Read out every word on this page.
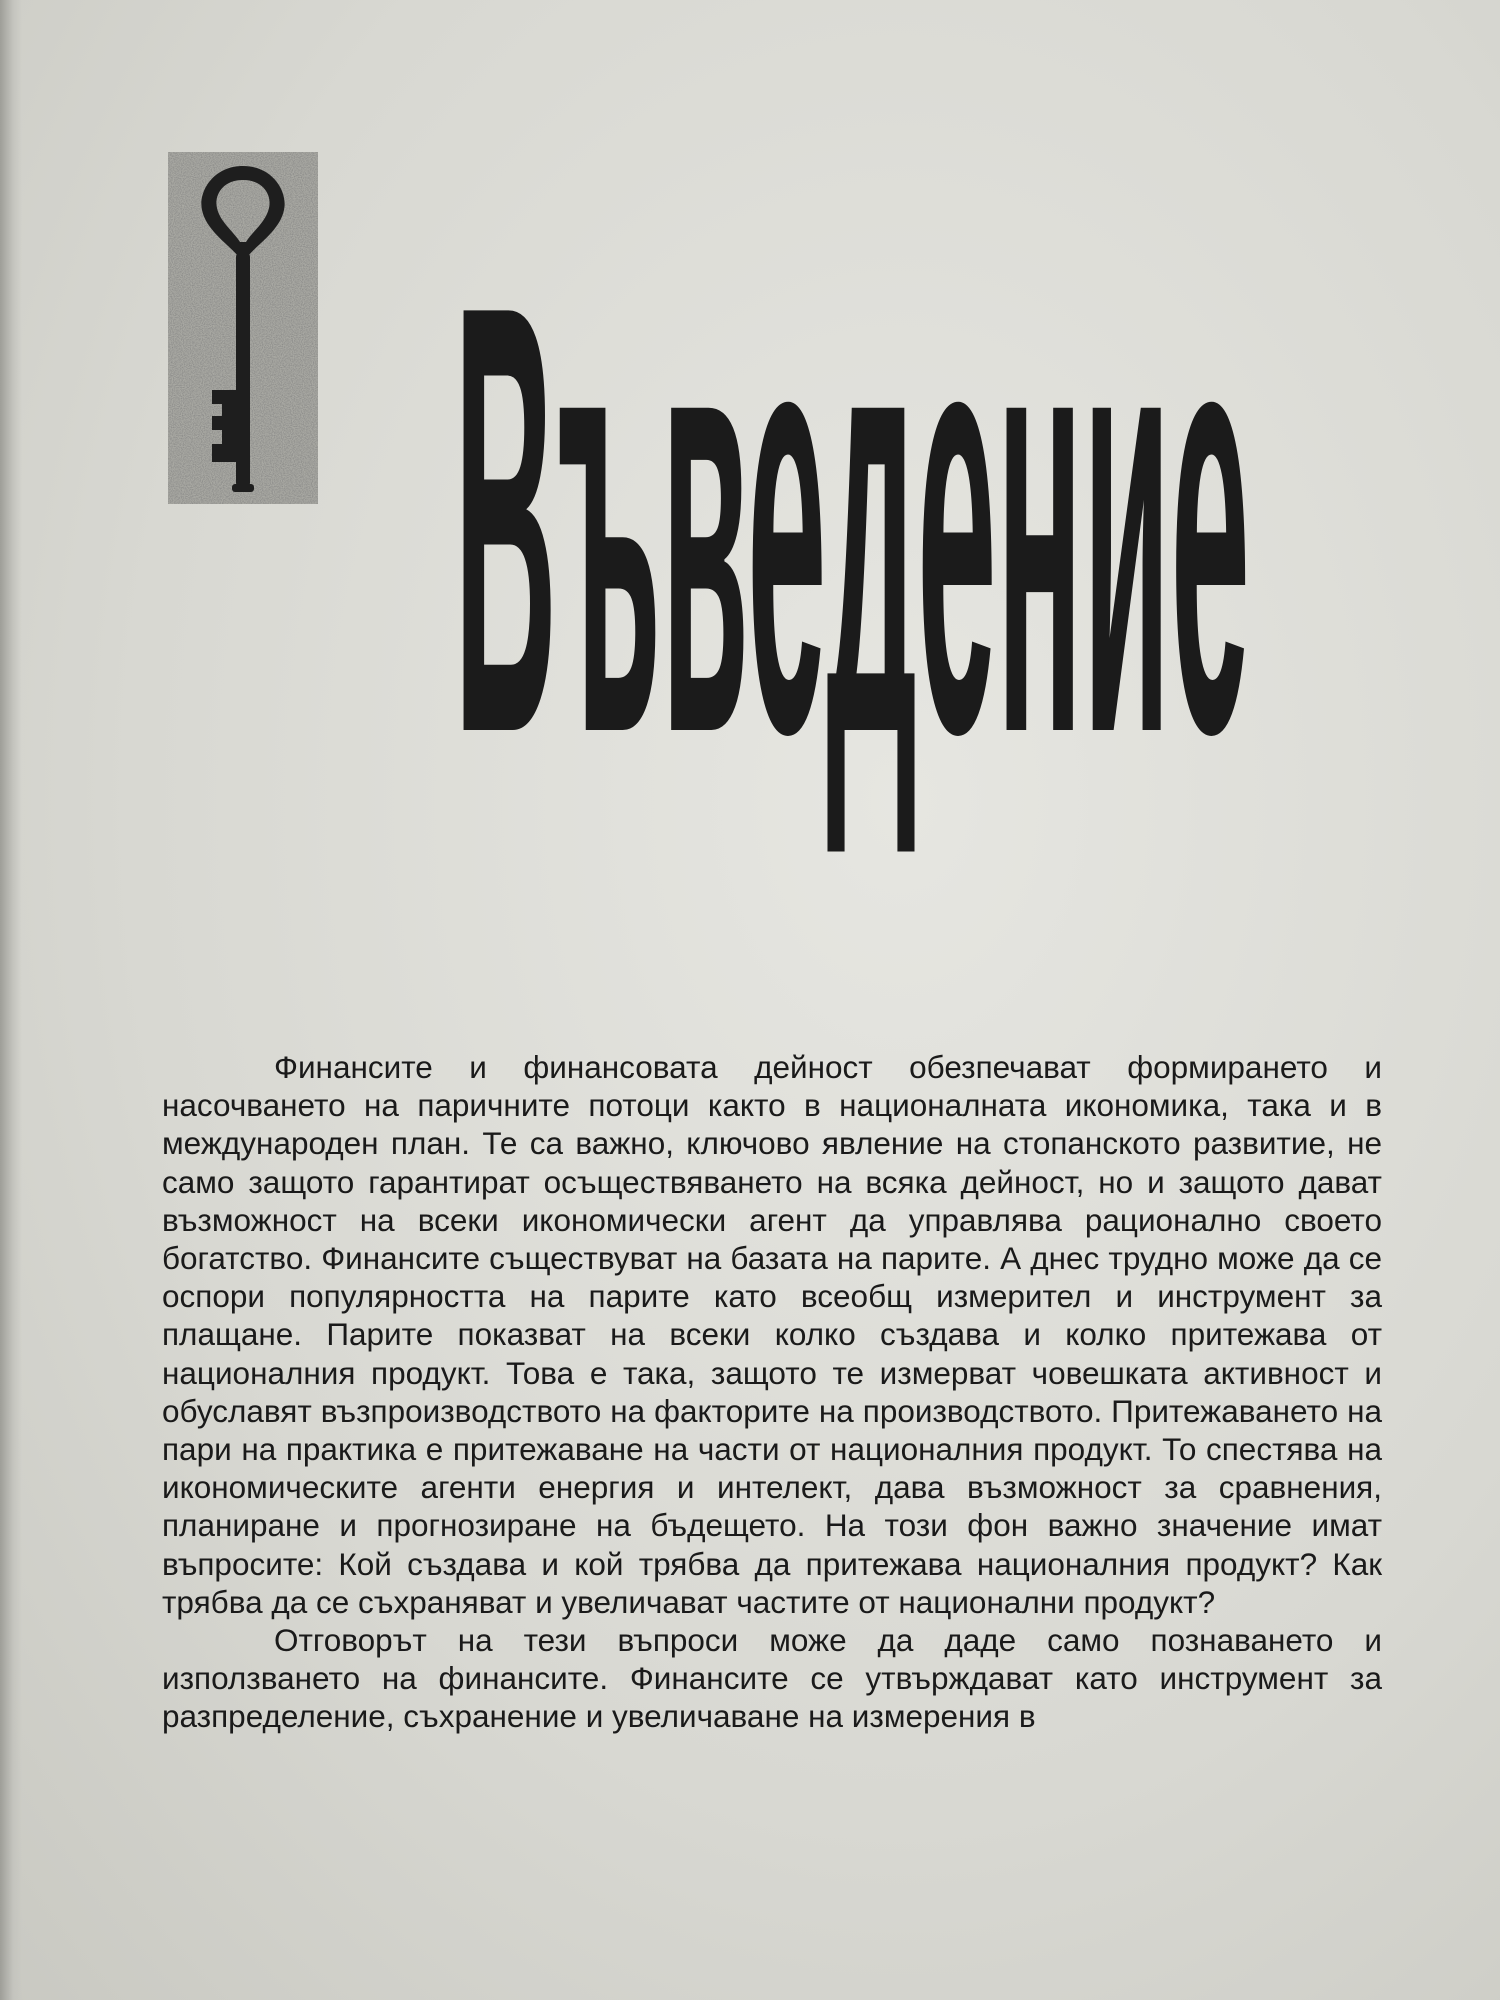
Въведение

Финансите и финансовата дейност обезпечават формирането и насочването на паричните потоци както в националната икономика, така и в международен план. Те са важно, ключово явление на стопанското развитие, не само защото гарантират осъществяването на всяка дейност, но и защото дават възможност на всеки икономически агент да управлява рационално своето богатство. Финансите съществуват на базата на парите. А днес трудно може да се оспори популярността на парите като всеобщ измерител и инструмент за плащане. Парите показват на всеки колко създава и колко притежава от националния продукт. Това е така, защото те измерват човешката активност и обуславят възпроизводството на факторите на производството. Притежаването на пари на практика е притежаване на части от националния продукт. То спестява на икономическите агенти енергия и интелект, дава възможност за сравнения, планиране и прогнозиране на бъдещето. На този фон важно значение имат въпросите: Кой създава и кой трябва да притежава националния продукт? Как трябва да се съхраняват и увеличават частите от национални продукт?

Отговорът на тези въпроси може да даде само познаването и използването на финансите. Финансите се утвърждават като инструмент за разпределение, съхранение и увеличаване на измерения в
